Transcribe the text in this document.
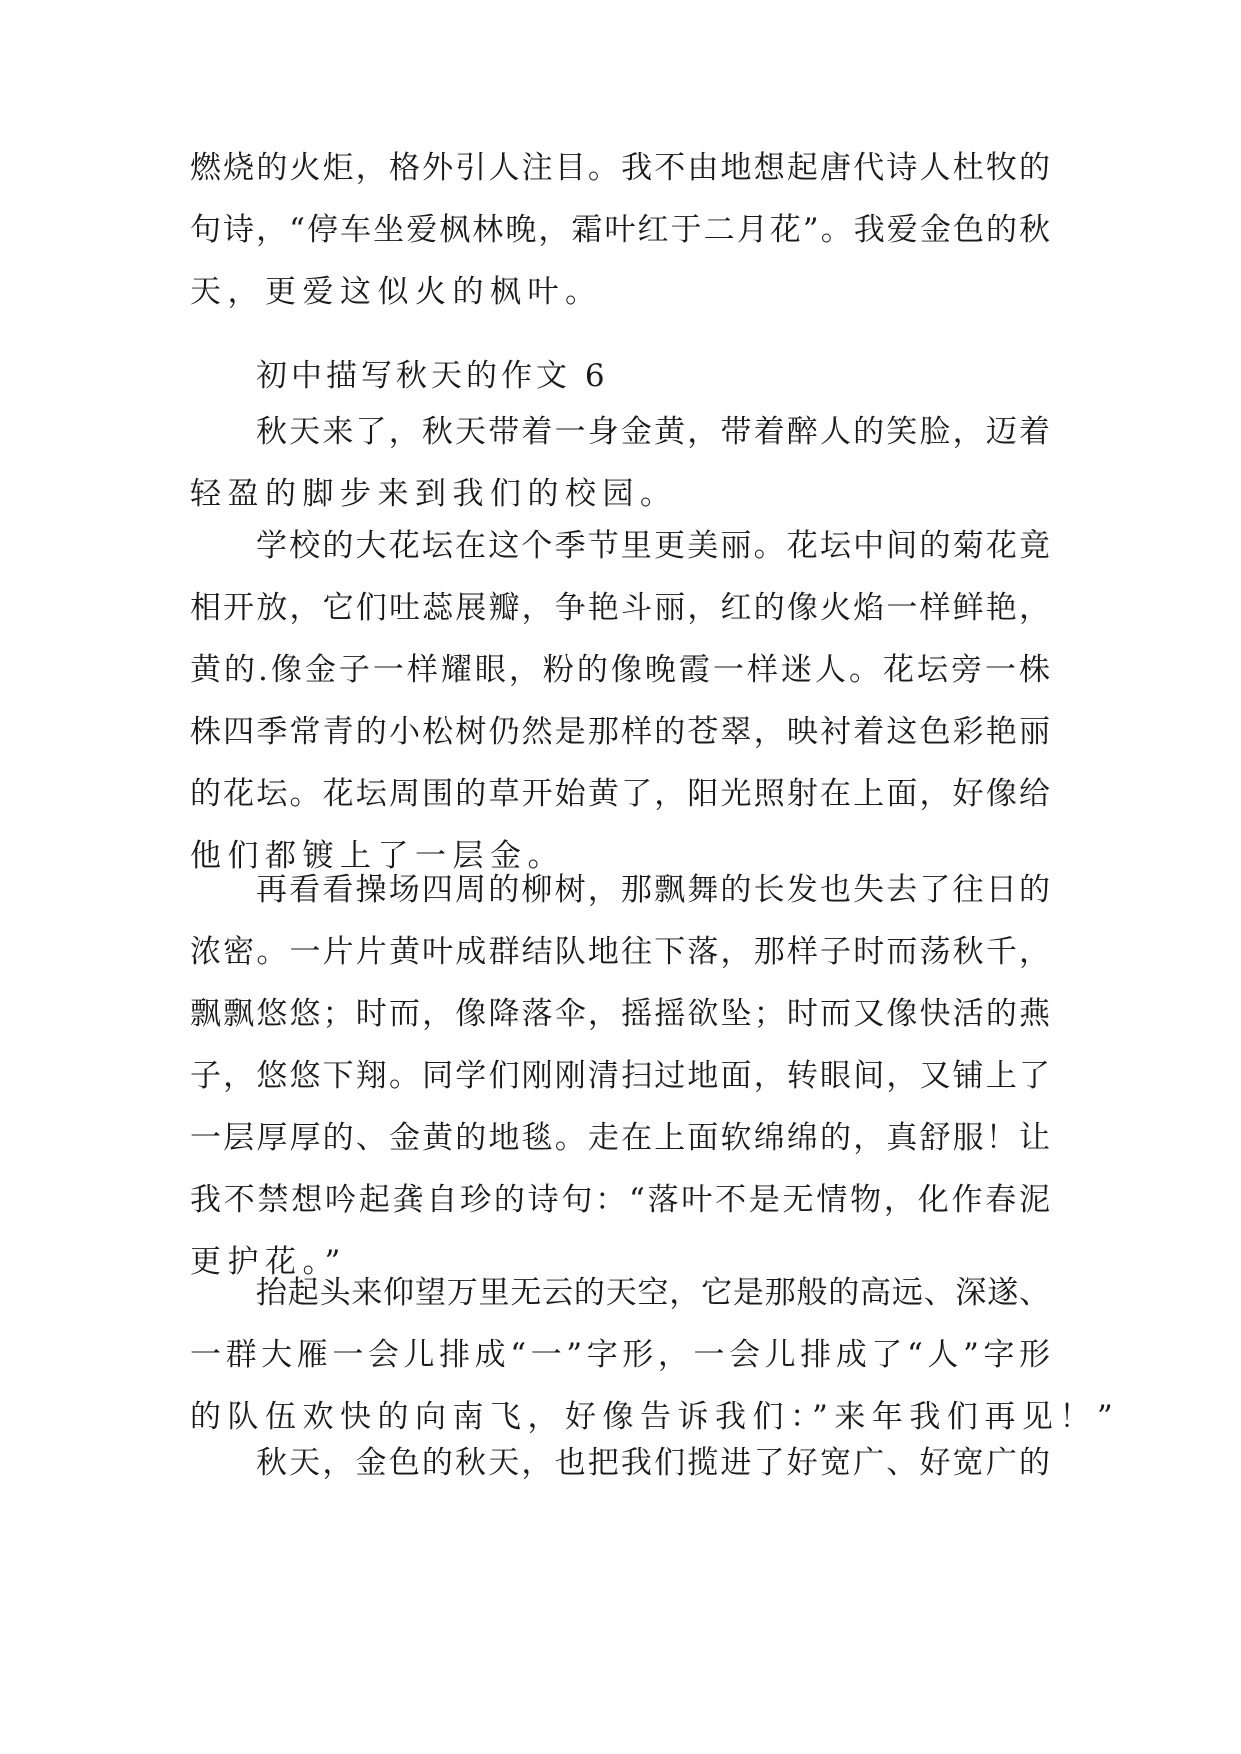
燃烧的火炬，格外引人注目。我不由地想起唐代诗人杜牧的
句诗，“停车坐爱枫林晚，霜叶红于二月花”。我爱金色的秋
天，更爱这似火的枫叶。
初中描写秋天的作文 6
秋天来了，秋天带着一身金黄，带着醉人的笑脸，迈着
轻盈的脚步来到我们的校园。
学校的大花坛在这个季节里更美丽。花坛中间的菊花竟
相开放，它们吐蕊展瓣，争艳斗丽，红的像火焰一样鲜艳，
黄的.像金子一样耀眼，粉的像晚霞一样迷人。花坛旁一株
株四季常青的小松树仍然是那样的苍翠，映衬着这色彩艳丽
的花坛。花坛周围的草开始黄了，阳光照射在上面，好像给
他们都镀上了一层金。
再看看操场四周的柳树，那飘舞的长发也失去了往日的
浓密。一片片黄叶成群结队地往下落，那样子时而荡秋千，
飘飘悠悠；时而，像降落伞，摇摇欲坠；时而又像快活的燕
子，悠悠下翔。同学们刚刚清扫过地面，转眼间，又铺上了
一层厚厚的、金黄的地毯。走在上面软绵绵的，真舒服！让
我不禁想吟起龚自珍的诗句：“落叶不是无情物，化作春泥
更护花。”
抬起头来仰望万里无云的天空，它是那般的高远、深遂、
一群大雁一会儿排成“一”字形，一会儿排成了“人”字形
的队伍欢快的向南飞，好像告诉我们：”来年我们再见！”
秋天，金色的秋天，也把我们揽进了好宽广、好宽广的
